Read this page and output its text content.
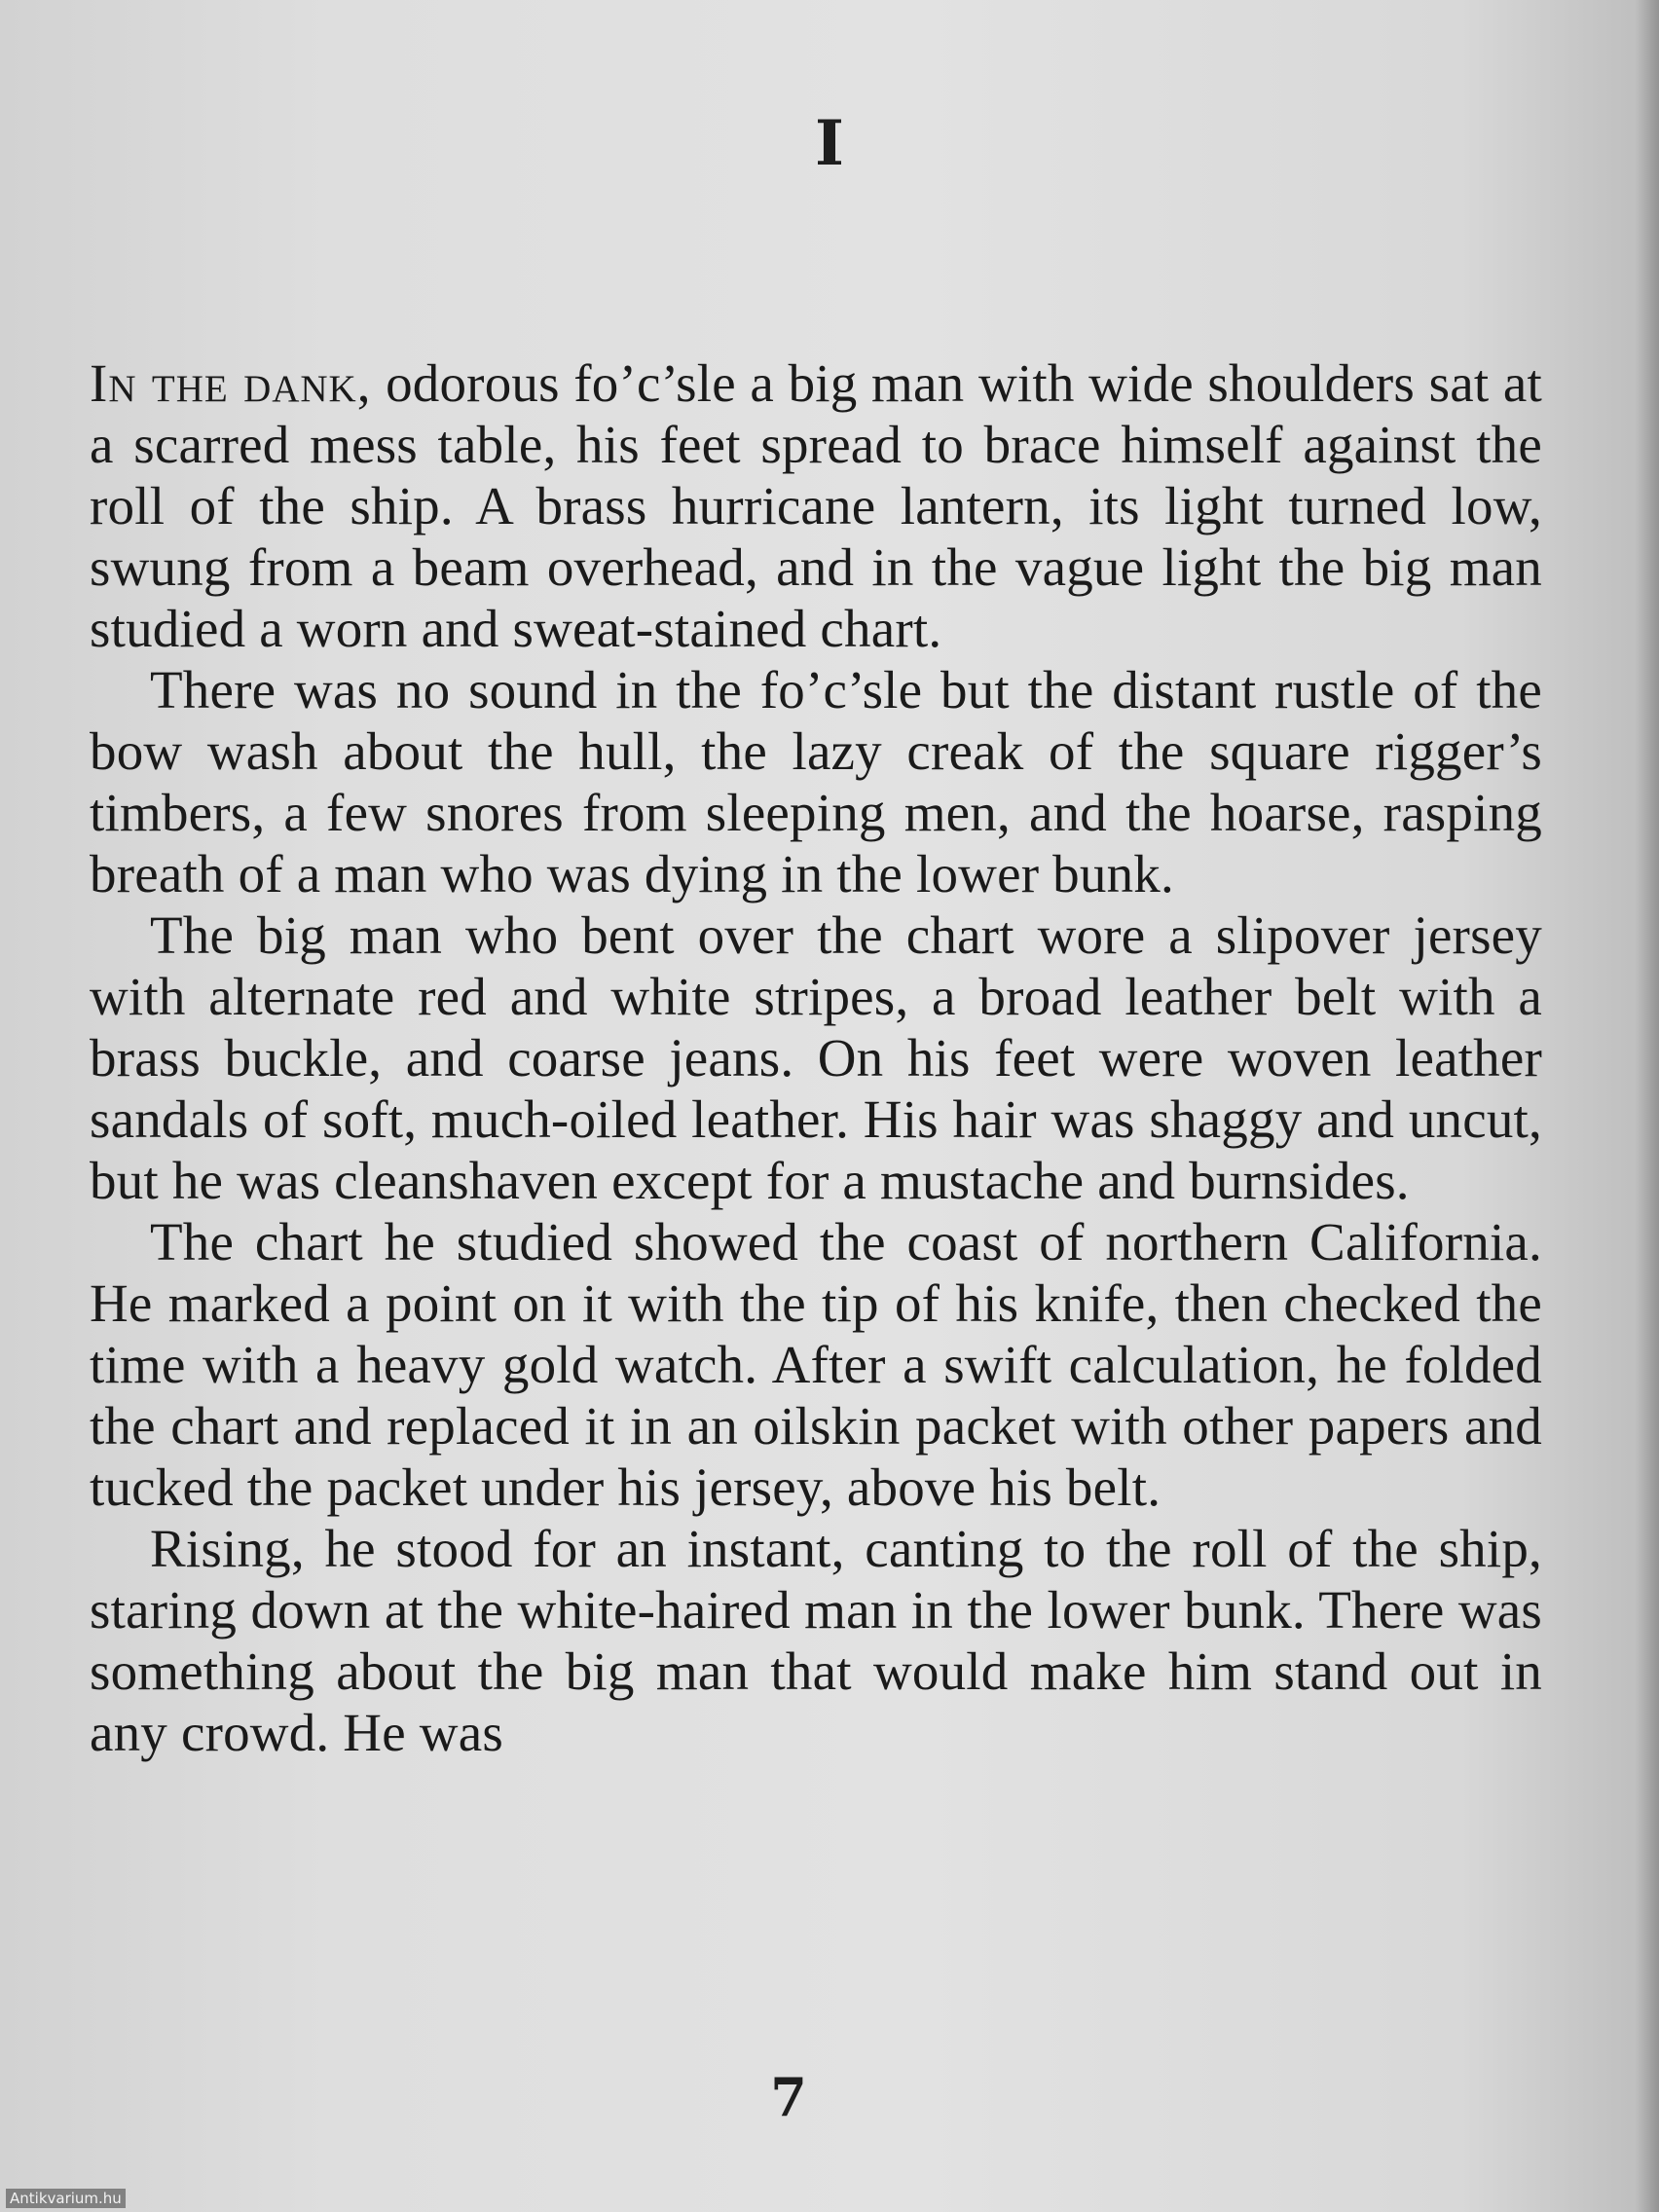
I

In the dank, odorous fo’c’sle a big man with wide shoulders sat at a scarred mess table, his feet spread to brace himself against the roll of the ship. A brass hurricane lantern, its light turned low, swung from a beam overhead, and in the vague light the big man studied a worn and sweat-stained chart.

There was no sound in the fo’c’sle but the distant rustle of the bow wash about the hull, the lazy creak of the square rigger’s timbers, a few snores from sleeping men, and the hoarse, rasping breath of a man who was dying in the lower bunk.

The big man who bent over the chart wore a slipover jersey with alternate red and white stripes, a broad leather belt with a brass buckle, and coarse jeans. On his feet were woven leather sandals of soft, much-oiled leather. His hair was shaggy and uncut, but he was cleanshaven except for a mustache and burnsides.

The chart he studied showed the coast of northern California. He marked a point on it with the tip of his knife, then checked the time with a heavy gold watch. After a swift calculation, he folded the chart and replaced it in an oilskin packet with other papers and tucked the packet under his jersey, above his belt.

Rising, he stood for an instant, canting to the roll of the ship, staring down at the white-haired man in the lower bunk. There was something about the big man that would make him stand out in any crowd. He was

7
Antikvarium.hu
